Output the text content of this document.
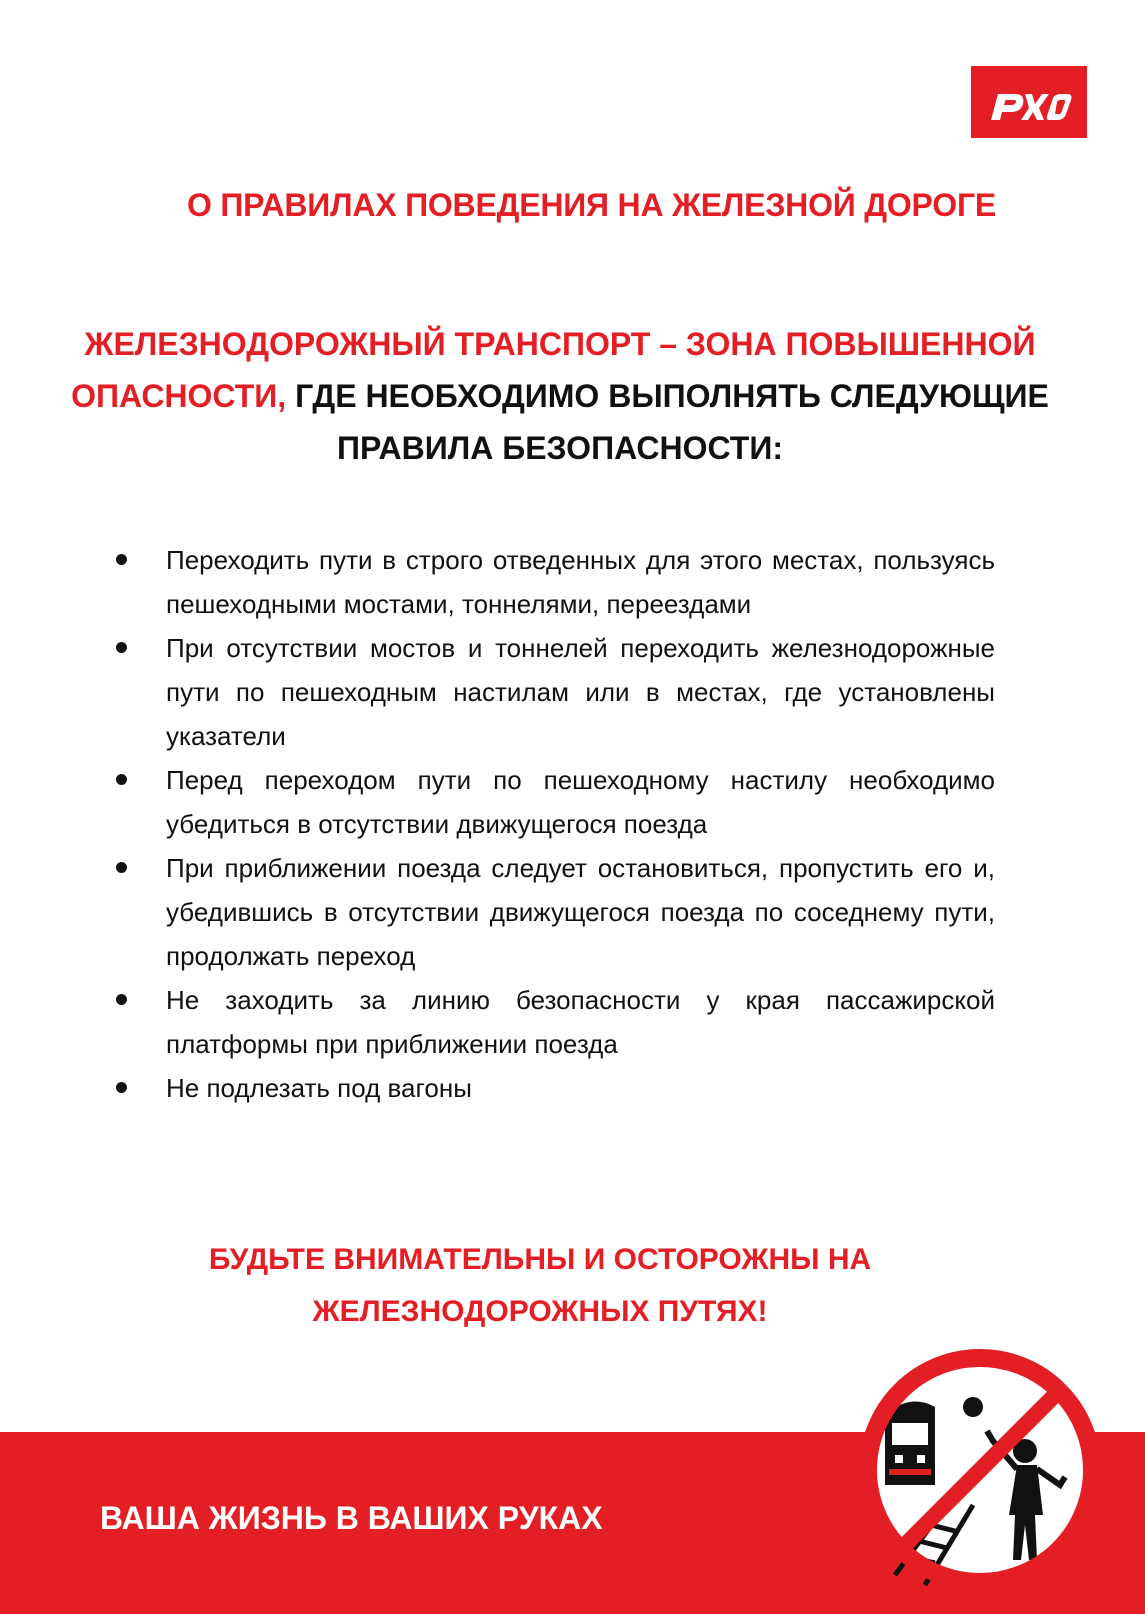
О ПРАВИЛАХ ПОВЕДЕНИЯ НА ЖЕЛЕЗНОЙ ДОРОГЕ
ЖЕЛЕЗНОДОРОЖНЫЙ ТРАНСПОРТ – ЗОНА ПОВЫШЕННОЙ ОПАСНОСТИ, ГДЕ НЕОБХОДИМО ВЫПОЛНЯТЬ СЛЕДУЮЩИЕ ПРАВИЛА БЕЗОПАСНОСТИ:
Переходить пути в строго отведенных для этого местах, пользуясь пешеходными мостами, тоннелями, переездами
При отсутствии мостов и тоннелей переходить железнодорожные пути по пешеходным настилам или в местах, где установлены указатели
Перед переходом пути по пешеходному настилу необходимо убедиться в отсутствии движущегося поезда
При приближении поезда следует остановиться, пропустить его и, убедившись в отсутствии движущегося поезда по соседнему пути, продолжать переход
Не заходить за линию безопасности у края пассажирской платформы при приближении поезда
Не подлезать под вагоны
БУДЬТЕ ВНИМАТЕЛЬНЫ И ОСТОРОЖНЫ НА ЖЕЛЕЗНОДОРОЖНЫХ ПУТЯХ!
ВАША ЖИЗНЬ В ВАШИХ РУКАХ
